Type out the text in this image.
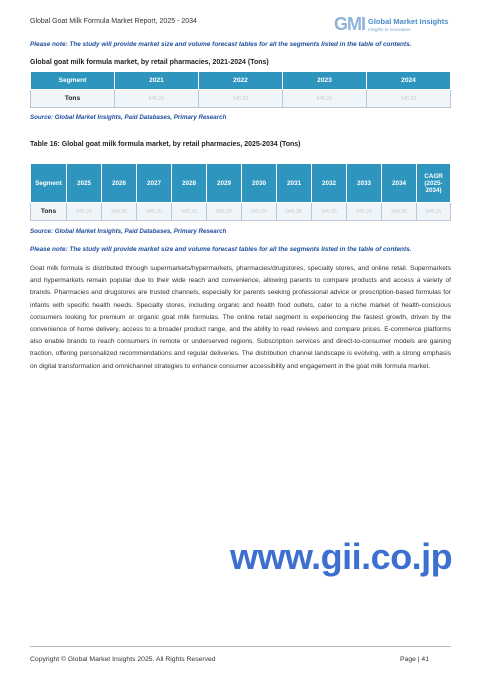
Global Goat Milk Formula Market Report, 2025 - 2034	GMI Global Market Insights
Insights to Innovation
Please note: The study will provide market size and volume forecast tables for all the segments listed in the table of contents.
Global goat milk formula market, by retail pharmacies, 2021-2024 (Tons)
Segment	2021	2022	2023	2024
Tons	945.26	945.26	945.26	945.26
Source: Global Market Insights, Paid Databases, Primary Research
Table 16: Global goat milk formula market, by retail pharmacies, 2025-2034 (Tons)
Segment	2025	2026	2027	2028	2029	2030	2031	2032	2033	2034	CAGR (2025-2034)
Tons	945.26	945.26	945.26	945.26	945.26	945.26	945.26	945.26	945.26	945.26	945.26
Source: Global Market Insights, Paid Databases, Primary Research
Please note: The study will provide market size and volume forecast tables for all the segments listed in the table of contents.
Goat milk formula is distributed through supermarkets/hypermarkets, pharmacies/drugstores, specialty stores, and online retail. Supermarkets and hypermarkets remain popular due to their wide reach and convenience, allowing parents to compare products and access a variety of brands. Pharmacies and drugstores are trusted channels, especially for parents seeking professional advice or prescription-based formulas for infants with specific health needs. Specialty stores, including organic and health food outlets, cater to a niche market of health-conscious consumers looking for premium or organic goat milk formulas. The online retail segment is experiencing the fastest growth, driven by the convenience of home delivery, access to a broader product range, and the ability to read reviews and compare prices. E-commerce platforms also enable brands to reach consumers in remote or underserved regions. Subscription services and direct-to-consumer models are gaining traction, offering personalized recommendations and regular deliveries. The distribution channel landscape is evolving, with a strong emphasis on digital transformation and omnichannel strategies to enhance consumer accessibility and engagement in the goat milk formula market.
www.gii.co.jp
Copyright © Global Market Insights 2025. All Rights Reserved	Page | 41
